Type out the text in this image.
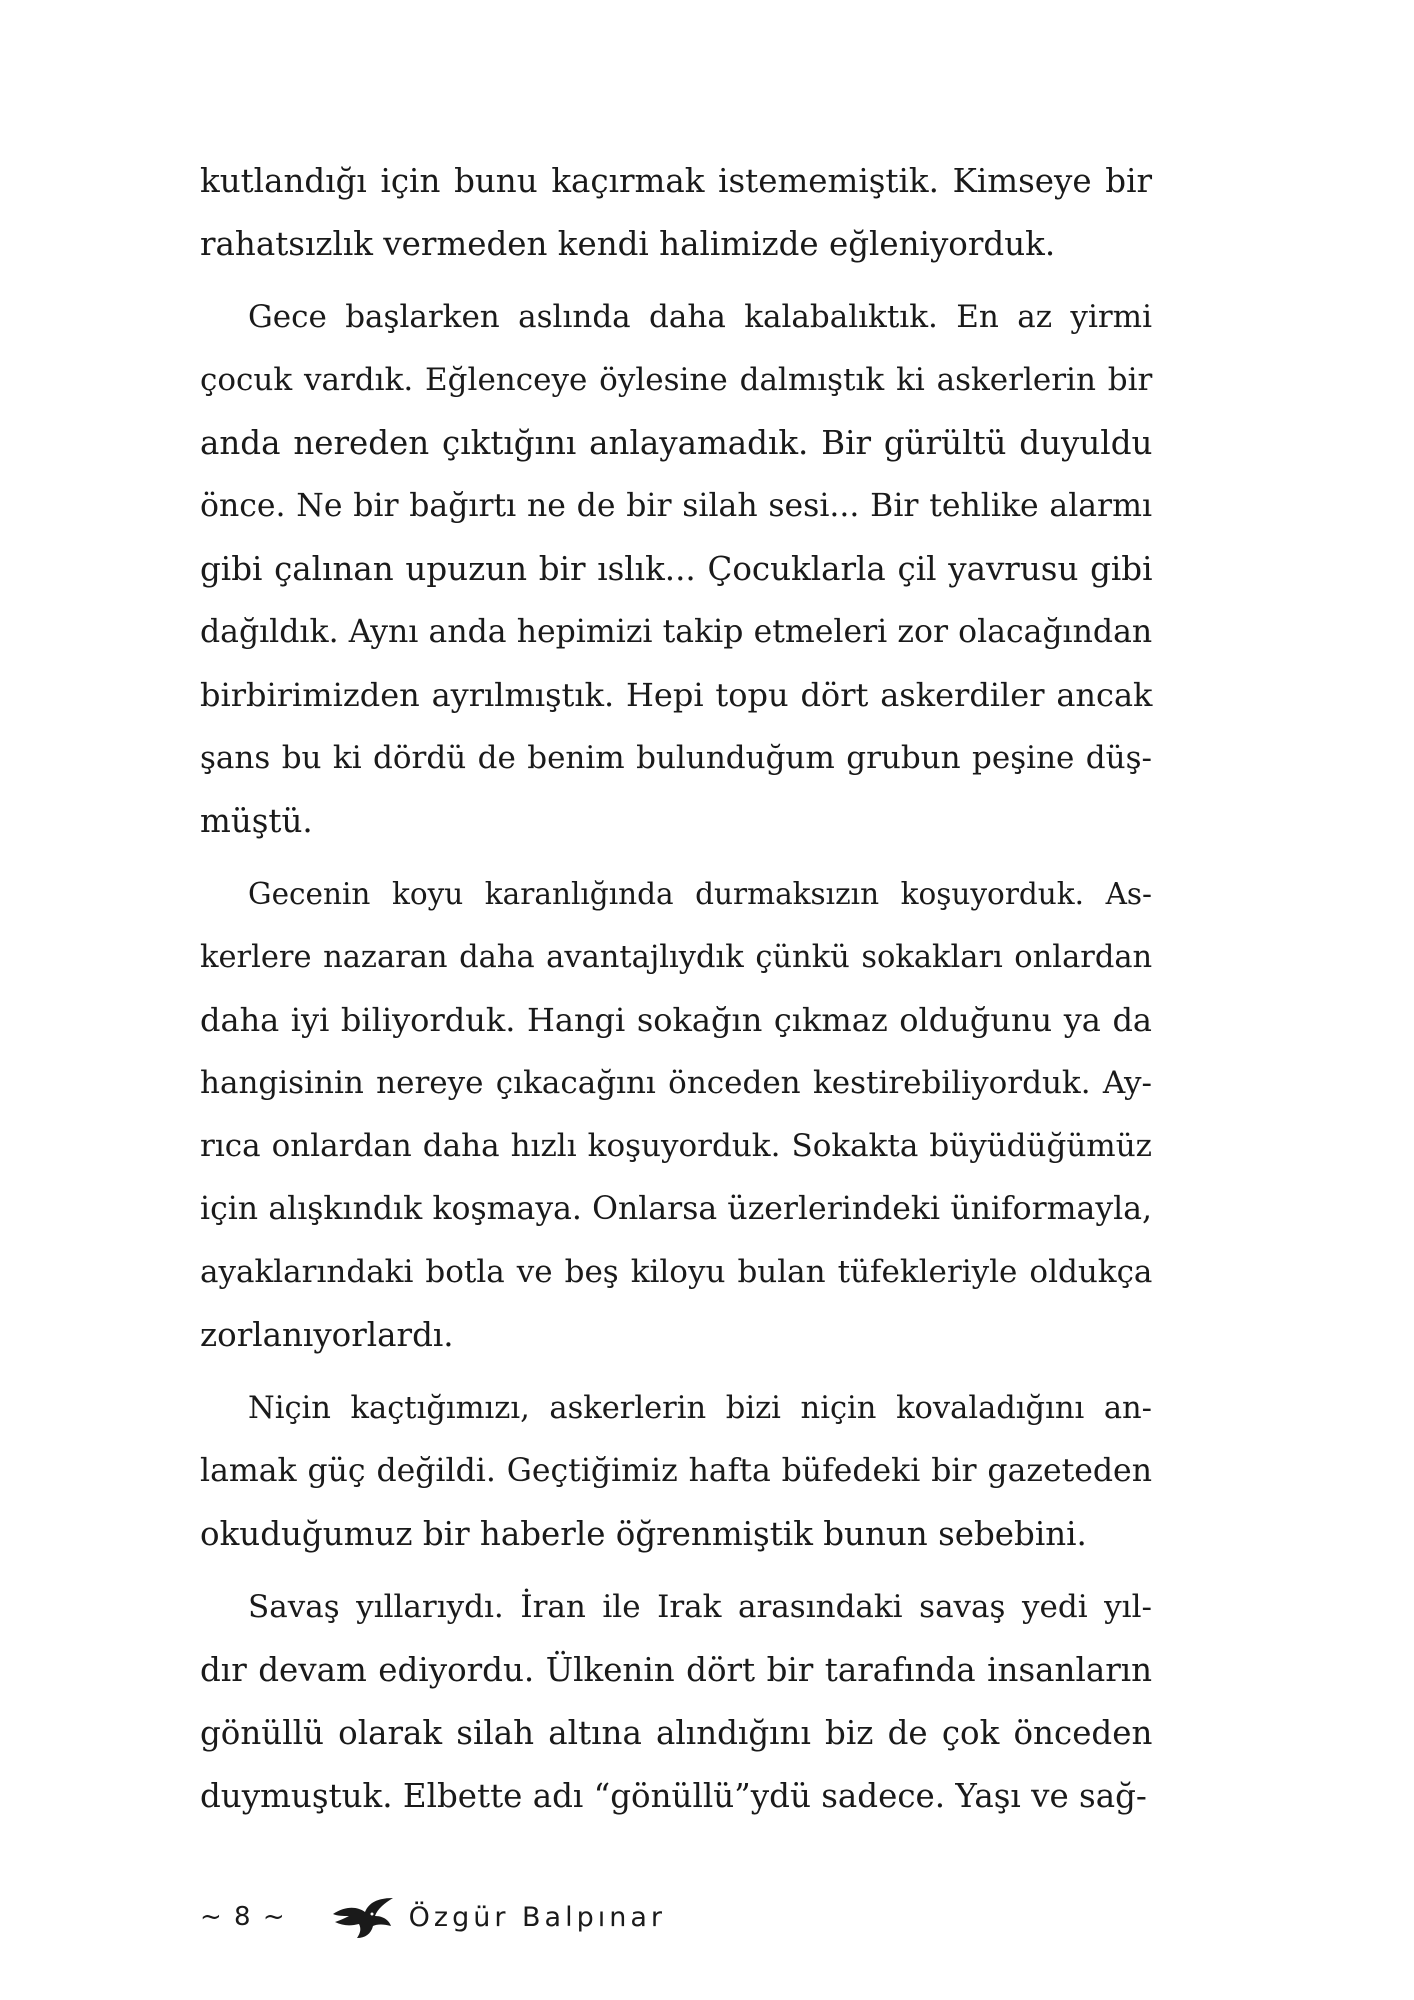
kutlandığı için bunu kaçırmak istememiştik. Kimseye bir
rahatsızlık vermeden kendi halimizde eğleniyorduk.
Gece başlarken aslında daha kalabalıktık. En az yirmi
çocuk vardık. Eğlenceye öylesine dalmıştık ki askerlerin bir
anda nereden çıktığını anlayamadık. Bir gürültü duyuldu
önce. Ne bir bağırtı ne de bir silah sesi... Bir tehlike alarmı
gibi çalınan upuzun bir ıslık... Çocuklarla çil yavrusu gibi
dağıldık. Aynı anda hepimizi takip etmeleri zor olacağından
birbirimizden ayrılmıştık. Hepi topu dört askerdiler ancak
şans bu ki dördü de benim bulunduğum grubun peşine düş-
müştü.
Gecenin koyu karanlığında durmaksızın koşuyorduk. As-
kerlere nazaran daha avantajlıydık çünkü sokakları onlardan
daha iyi biliyorduk. Hangi sokağın çıkmaz olduğunu ya da
hangisinin nereye çıkacağını önceden kestirebiliyorduk. Ay-
rıca onlardan daha hızlı koşuyorduk. Sokakta büyüdüğümüz
için alışkındık koşmaya. Onlarsa üzerlerindeki üniformayla,
ayaklarındaki botla ve beş kiloyu bulan tüfekleriyle oldukça
zorlanıyorlardı.
Niçin kaçtığımızı, askerlerin bizi niçin kovaladığını an-
lamak güç değildi. Geçtiğimiz hafta büfedeki bir gazeteden
okuduğumuz bir haberle öğrenmiştik bunun sebebini.
Savaş yıllarıydı. İran ile Irak arasındaki savaş yedi yıl-
dır devam ediyordu. Ülkenin dört bir tarafında insanların
gönüllü olarak silah altına alındığını biz de çok önceden
duymuştuk. Elbette adı “gönüllü”ydü sadece. Yaşı ve sağ-
~ 8 ~	Özgür Balpınar
